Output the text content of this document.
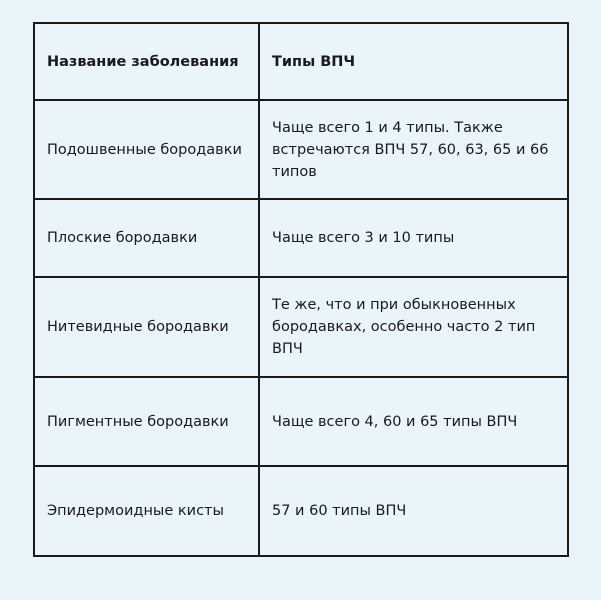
Название заболевания	Типы ВПЧ
Подошвенные бородавки	Чаще всего 1 и 4 типы. Также встречаются ВПЧ 57, 60, 63, 65 и 66 типов
Плоские бородавки	Чаще всего 3 и 10 типы
Нитевидные бородавки	Те же, что и при обыкновенных бородавках, особенно часто 2 тип ВПЧ
Пигментные бородавки	Чаще всего 4, 60 и 65 типы ВПЧ
Эпидермоидные кисты	57 и 60 типы ВПЧ
